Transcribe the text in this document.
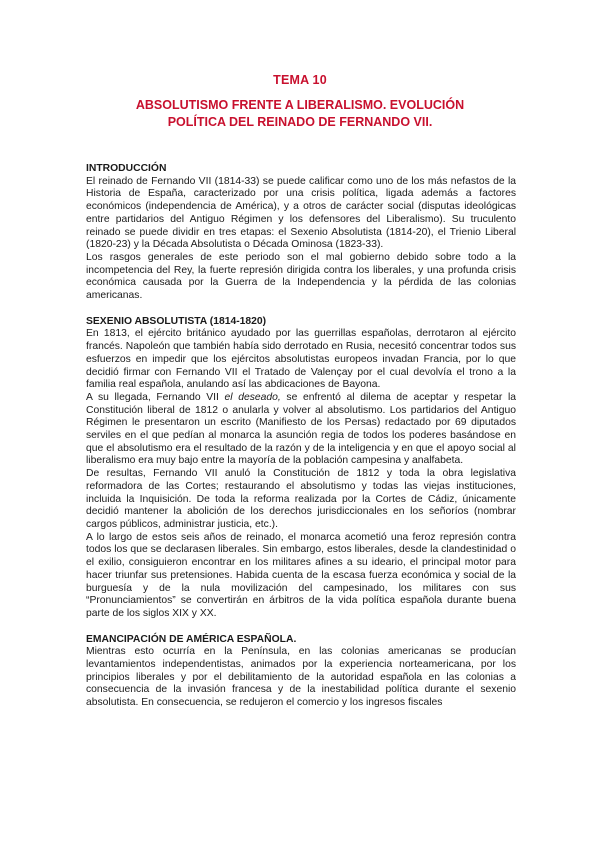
TEMA 10
ABSOLUTISMO FRENTE A LIBERALISMO. EVOLUCIÓN
POLÍTICA DEL REINADO DE FERNANDO VII.
INTRODUCCIÓN

El reinado de Fernando VII (1814-33) se puede calificar como uno de los más nefastos de la Historia de España, caracterizado por una crisis política, ligada además a factores económicos (independencia de América), y a otros de carácter social (disputas ideológicas entre partidarios del Antiguo Régimen y los defensores del Liberalismo). Su truculento reinado se puede dividir en tres etapas: el Sexenio Absolutista (1814-20), el Trienio Liberal (1820-23) y la Década Absolutista o Década Ominosa (1823-33).

Los rasgos generales de este periodo son el mal gobierno debido sobre todo a la incompetencia del Rey, la fuerte represión dirigida contra los liberales, y una profunda crisis económica causada por la Guerra de la Independencia y la pérdida de las colonias americanas.

SEXENIO ABSOLUTISTA (1814-1820)

En 1813, el ejército británico ayudado por las guerrillas españolas, derrotaron al ejército francés. Napoleón que también había sido derrotado en Rusia, necesitó concentrar todos sus esfuerzos en impedir que los ejércitos absolutistas europeos invadan Francia, por lo que decidió firmar con Fernando VII el Tratado de Valençay por el cual devolvía el trono a la familia real española, anulando así las abdicaciones de Bayona.

A su llegada, Fernando VII el deseado, se enfrentó al dilema de aceptar y respetar la Constitución liberal de 1812 o anularla y volver al absolutismo. Los partidarios del Antiguo Régimen le presentaron un escrito (Manifiesto de los Persas) redactado por 69 diputados serviles en el que pedían al monarca la asunción regia de todos los poderes basándose en que el absolutismo era el resultado de la razón y de la inteligencia y en que el apoyo social al liberalismo era muy bajo entre la mayoría de la población campesina y analfabeta.

De resultas, Fernando VII anuló la Constitución de 1812 y toda la obra legislativa reformadora de las Cortes; restaurando el absolutismo y todas las viejas instituciones, incluida la Inquisición. De toda la reforma realizada por la Cortes de Cádiz, únicamente decidió mantener la abolición de los derechos jurisdiccionales en los señoríos (nombrar cargos públicos, administrar justicia, etc.).

A lo largo de estos seis años de reinado, el monarca acometió una feroz represión contra todos los que se declarasen liberales. Sin embargo, estos liberales, desde la clandestinidad o el exilio, consiguieron encontrar en los militares afines a su ideario, el principal motor para hacer triunfar sus pretensiones. Habida cuenta de la escasa fuerza económica y social de la burguesía y de la nula movilización del campesinado, los militares con sus “Pronunciamientos” se convertirán en árbitros de la vida política española durante buena parte de los siglos XIX y XX.

EMANCIPACIÓN DE AMÉRICA ESPAÑOLA.

Mientras esto ocurría en la Península, en las colonias americanas se producían levantamientos independentistas, animados por la experiencia norteamericana, por los principios liberales y por el debilitamiento de la autoridad española en las colonias a consecuencia de la invasión francesa y de la inestabilidad política durante el sexenio absolutista. En consecuencia, se redujeron el comercio y los ingresos fiscales
